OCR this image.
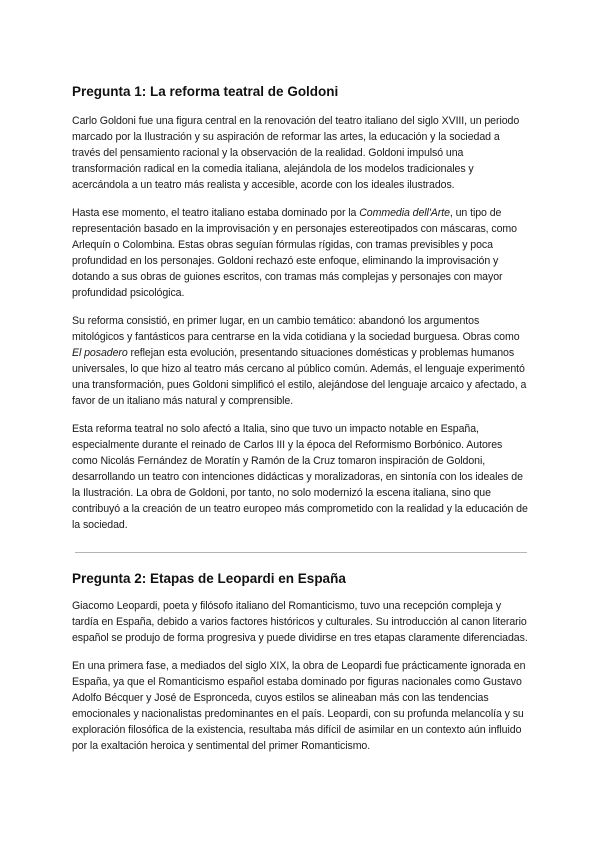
Pregunta 1: La reforma teatral de Goldoni

Carlo Goldoni fue una figura central en la renovación del teatro italiano del siglo XVIII, un periodo marcado por la Ilustración y su aspiración de reformar las artes, la educación y la sociedad a través del pensamiento racional y la observación de la realidad. Goldoni impulsó una transformación radical en la comedia italiana, alejándola de los modelos tradicionales y acercándola a un teatro más realista y accesible, acorde con los ideales ilustrados.

Hasta ese momento, el teatro italiano estaba dominado por la Commedia dell'Arte, un tipo de representación basado en la improvisación y en personajes estereotipados con máscaras, como Arlequín o Colombina. Estas obras seguían fórmulas rígidas, con tramas previsibles y poca profundidad en los personajes. Goldoni rechazó este enfoque, eliminando la improvisación y dotando a sus obras de guiones escritos, con tramas más complejas y personajes con mayor profundidad psicológica.

Su reforma consistió, en primer lugar, en un cambio temático: abandonó los argumentos mitológicos y fantásticos para centrarse en la vida cotidiana y la sociedad burguesa. Obras como El posadero reflejan esta evolución, presentando situaciones domésticas y problemas humanos universales, lo que hizo al teatro más cercano al público común. Además, el lenguaje experimentó una transformación, pues Goldoni simplificó el estilo, alejándose del lenguaje arcaico y afectado, a favor de un italiano más natural y comprensible.

Esta reforma teatral no solo afectó a Italia, sino que tuvo un impacto notable en España, especialmente durante el reinado de Carlos III y la época del Reformismo Borbónico. Autores como Nicolás Fernández de Moratín y Ramón de la Cruz tomaron inspiración de Goldoni, desarrollando un teatro con intenciones didácticas y moralizadoras, en sintonía con los ideales de la Ilustración. La obra de Goldoni, por tanto, no solo modernizó la escena italiana, sino que contribuyó a la creación de un teatro europeo más comprometido con la realidad y la educación de la sociedad.

Pregunta 2: Etapas de Leopardi en España

Giacomo Leopardi, poeta y filósofo italiano del Romanticismo, tuvo una recepción compleja y tardía en España, debido a varios factores históricos y culturales. Su introducción al canon literario español se produjo de forma progresiva y puede dividirse en tres etapas claramente diferenciadas.

En una primera fase, a mediados del siglo XIX, la obra de Leopardi fue prácticamente ignorada en España, ya que el Romanticismo español estaba dominado por figuras nacionales como Gustavo Adolfo Bécquer y José de Espronceda, cuyos estilos se alineaban más con las tendencias emocionales y nacionalistas predominantes en el país. Leopardi, con su profunda melancolía y su exploración filosófica de la existencia, resultaba más difícil de asimilar en un contexto aún influido por la exaltación heroica y sentimental del primer Romanticismo.
